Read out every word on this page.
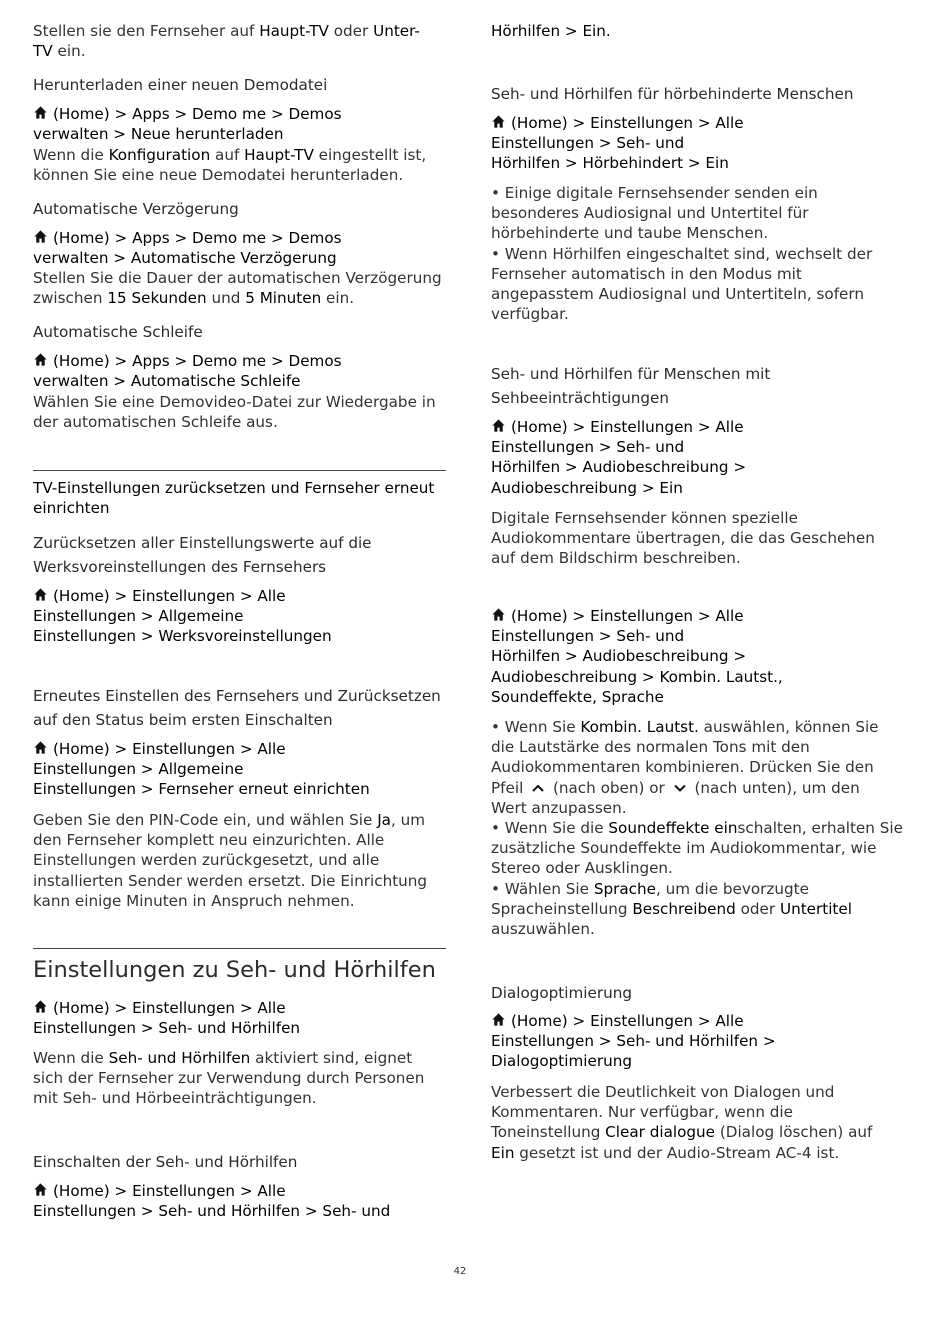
Stellen sie den Fernseher auf Haupt-TV oder Unter-
TV ein.
Herunterladen einer neuen Demodatei
(Home) > Apps > Demo me > Demos
verwalten > Neue herunterladen
Wenn die Konfiguration auf Haupt-TV eingestellt ist,
können Sie eine neue Demodatei herunterladen.
Automatische Verzögerung
(Home) > Apps > Demo me > Demos
verwalten > Automatische Verzögerung
Stellen Sie die Dauer der automatischen Verzögerung
zwischen 15 Sekunden und 5 Minuten ein.
Automatische Schleife
(Home) > Apps > Demo me > Demos
verwalten > Automatische Schleife
Wählen Sie eine Demovideo-Datei zur Wiedergabe in
der automatischen Schleife aus.
TV-Einstellungen zurücksetzen und Fernseher erneut
einrichten
Zurücksetzen aller Einstellungswerte auf die
Werksvoreinstellungen des Fernsehers
(Home) > Einstellungen > Alle
Einstellungen > Allgemeine
Einstellungen > Werksvoreinstellungen
Erneutes Einstellen des Fernsehers und Zurücksetzen
auf den Status beim ersten Einschalten
(Home) > Einstellungen > Alle
Einstellungen > Allgemeine
Einstellungen > Fernseher erneut einrichten
Geben Sie den PIN-Code ein, und wählen Sie Ja, um
den Fernseher komplett neu einzurichten. Alle
Einstellungen werden zurückgesetzt, und alle
installierten Sender werden ersetzt. Die Einrichtung
kann einige Minuten in Anspruch nehmen.
Einstellungen zu Seh- und Hörhilfen
(Home) > Einstellungen > Alle
Einstellungen > Seh- und Hörhilfen
Wenn die Seh- und Hörhilfen aktiviert sind, eignet
sich der Fernseher zur Verwendung durch Personen
mit Seh- und Hörbeeinträchtigungen.
Einschalten der Seh- und Hörhilfen
(Home) > Einstellungen > Alle
Einstellungen > Seh- und Hörhilfen > Seh- und
Hörhilfen > Ein.
Seh- und Hörhilfen für hörbehinderte Menschen
(Home) > Einstellungen > Alle
Einstellungen > Seh- und
Hörhilfen > Hörbehindert > Ein
• Einige digitale Fernsehsender senden ein
besonderes Audiosignal und Untertitel für
hörbehinderte und taube Menschen.
• Wenn Hörhilfen eingeschaltet sind, wechselt der
Fernseher automatisch in den Modus mit
angepasstem Audiosignal und Untertiteln, sofern
verfügbar.
Seh- und Hörhilfen für Menschen mit
Sehbeeinträchtigungen
(Home) > Einstellungen > Alle
Einstellungen > Seh- und
Hörhilfen > Audiobeschreibung >
Audiobeschreibung > Ein
Digitale Fernsehsender können spezielle
Audiokommentare übertragen, die das Geschehen
auf dem Bildschirm beschreiben.
(Home) > Einstellungen > Alle
Einstellungen > Seh- und
Hörhilfen > Audiobeschreibung >
Audiobeschreibung > Kombin. Lautst.,
Soundeffekte, Sprache
• Wenn Sie Kombin. Lautst. auswählen, können Sie
die Lautstärke des normalen Tons mit den
Audiokommentaren kombinieren. Drücken Sie den
Pfeil
(nach oben) or
(nach unten), um den
Wert anzupassen.
• Wenn Sie die Soundeffekte einschalten, erhalten Sie
zusätzliche Soundeffekte im Audiokommentar, wie
Stereo oder Ausklingen.
• Wählen Sie Sprache, um die bevorzugte
Spracheinstellung Beschreibend oder Untertitel
auszuwählen.
Dialogoptimierung
(Home) > Einstellungen > Alle
Einstellungen > Seh- und Hörhilfen >
Dialogoptimierung
Verbessert die Deutlichkeit von Dialogen und
Kommentaren. Nur verfügbar, wenn die
Toneinstellung Clear dialogue (Dialog löschen) auf
Ein gesetzt ist und der Audio-Stream AC-4 ist.
42
